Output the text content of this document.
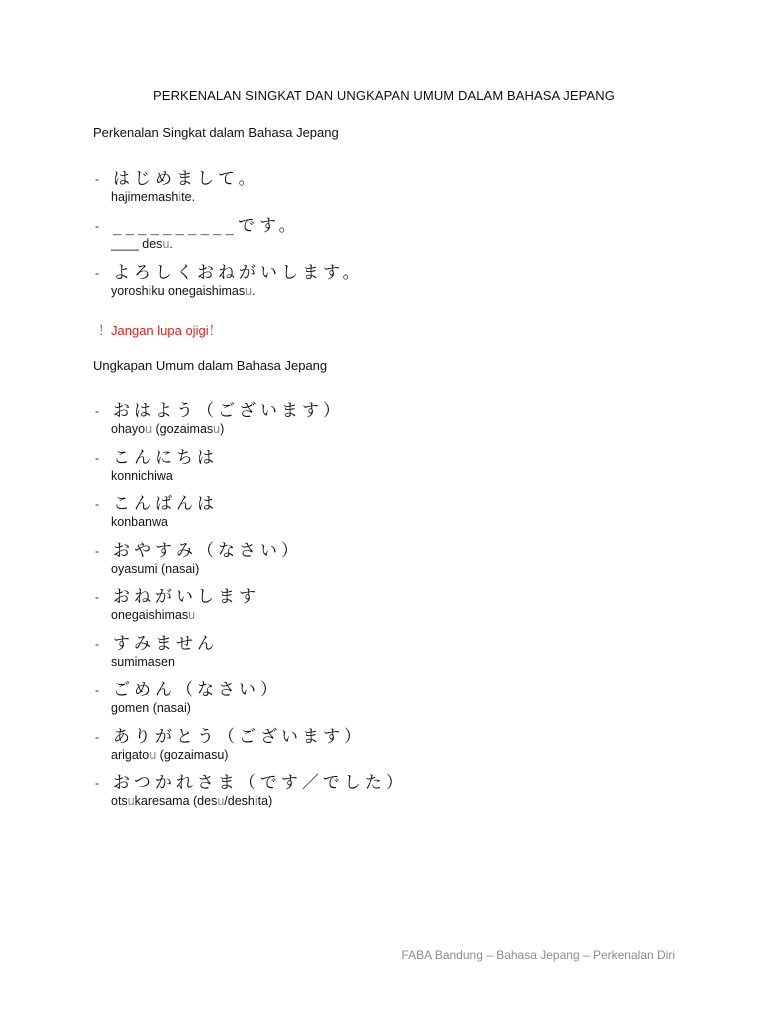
PERKENALAN SINGKAT DAN UNGKAPAN UMUM DALAM BAHASA JEPANG
Perkenalan Singkat dalam Bahasa Jepang
- はじめまして。
hajimemashite.
- __________です。
____ desu.
- よろしくおねがいします。
yoroshiku onegaishimasu.
！Jangan lupa ojigi！
Ungkapan Umum dalam Bahasa Jepang
- おはよう（ございます）
ohayou (gozaimasu)
- こんにちは
konnichiwa
- こんばんは
konbanwa
- おやすみ（なさい）
oyasumi (nasai)
- おねがいします
onegaishimasu
- すみません
sumimasen
- ごめん（なさい）
gomen (nasai)
- ありがとう（ございます）
arigatou (gozaimasu)
- おつかれさま（です／でした）
otsukaresama (desu/deshita)
FABA Bandung – Bahasa Jepang – Perkenalan Diri
